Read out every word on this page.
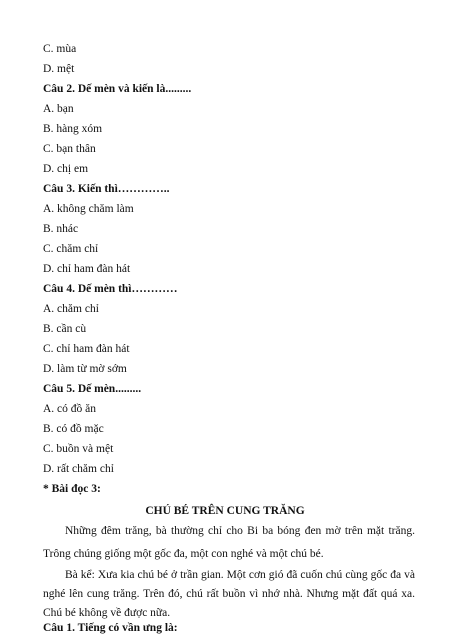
C. mùa
D. mệt
Câu 2. Dế mèn và kiến là.........
A. bạn
B. hàng xóm
C. bạn thân
D. chị em
Câu 3. Kiến thì…………..
A. không chăm làm
B. nhác
C. chăm chỉ
D. chỉ ham đàn hát
Câu 4. Dế mèn thì…………
A. chăm chỉ
B. cần cù
C. chỉ ham đàn hát
D. làm từ mờ sớm
Câu 5. Dế mèn.........
A. có đồ ăn
B. có đồ mặc
C. buồn và mệt
D. rất chăm chỉ
* Bài đọc 3:
CHÚ BÉ TRÊN CUNG TRĂNG
Những đêm trăng, bà thường chỉ cho Bi ba bóng đen mờ trên mặt trăng. Trông chúng giống một gốc đa, một con nghé và một chú bé.
Bà kể: Xưa kia chú bé ở trần gian. Một cơn gió đã cuốn chú cùng gốc đa và nghé lên cung trăng. Trên đó, chú rất buồn vì nhớ nhà. Nhưng mặt đất quá xa. Chú bé không về được nữa.
Câu 1. Tiếng có vần ưng là:
